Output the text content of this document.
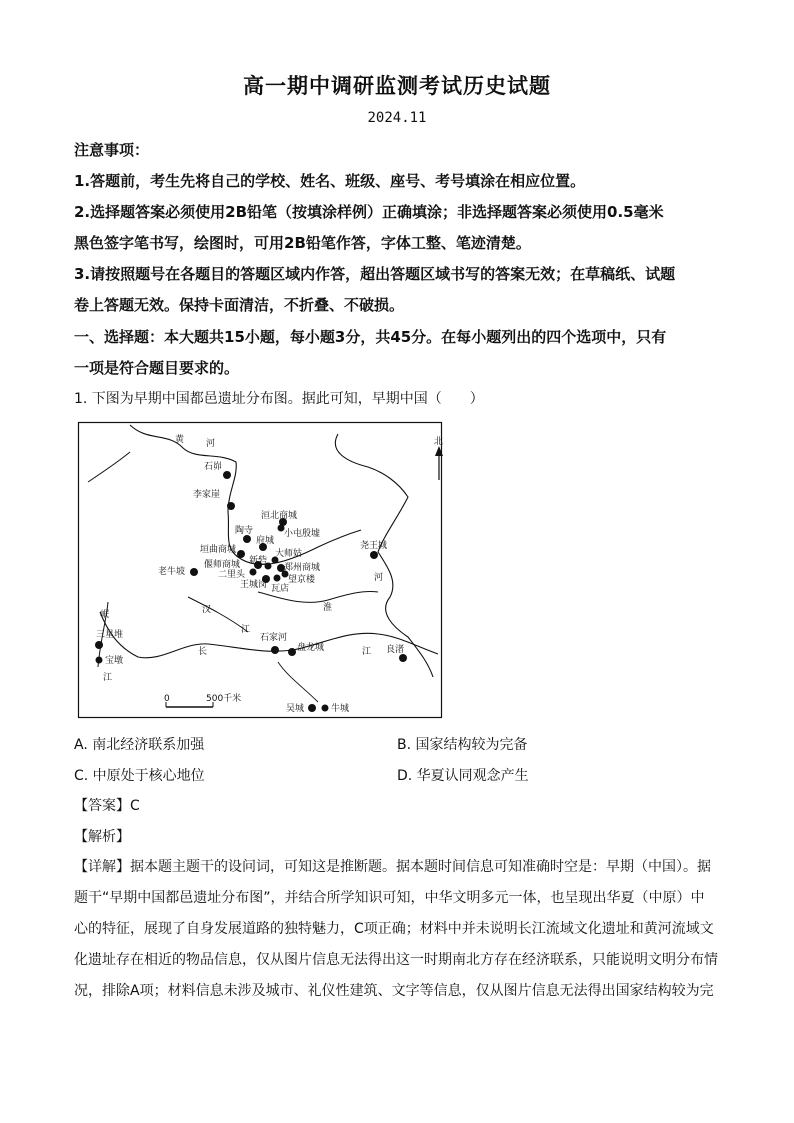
高一期中调研监测考试历史试题
2024.11
注意事项：
1.答题前，考生先将自己的学校、姓名、班级、座号、考号填涂在相应位置。
2.选择题答案必须使用2B铅笔（按填涂样例）正确填涂；非选择题答案必须使用0.5毫米
黑色签字笔书写，绘图时，可用2B铅笔作答，字体工整、笔迹清楚。
3.请按照题号在各题目的答题区域内作答，超出答题区域书写的答案无效；在草稿纸、试题
卷上答题无效。保持卡面清洁，不折叠、不破损。
一、选择题：本大题共15小题，每小题3分，共45分。在每小题列出的四个选项中，只有
一项是符合题目要求的。
1. 下图为早期中国都邑遗址分布图。据此可知，早期中国（　　）
北
0	500千米
黄 河
石峁
李家崖
洹北商城
小屯殷墟
陶寺
府城	尧王城
垣曲商城	大师姑
老牛坡
偃师商城 新砦
郑州商城
二里头	望京楼
王城岗 瓦店
河
岷	汉	淮
三星堆	江
石家河
盘龙城
宝墩
江
长	江 良渚
吴城	牛城
A. 南北经济联系加强	B. 国家结构较为完备
C. 中原处于核心地位	D. 华夏认同观念产生
【答案】C
【解析】
【详解】据本题主题干的设问词，可知这是推断题。据本题时间信息可知准确时空是：早期（中国）。据
题干“早期中国都邑遗址分布图”，并结合所学知识可知，中华文明多元一体，也呈现出华夏（中原）中
心的特征，展现了自身发展道路的独特魅力，C项正确；材料中并未说明长江流域文化遗址和黄河流域文
化遗址存在相近的物品信息，仅从图片信息无法得出这一时期南北方存在经济联系，只能说明文明分布情
况，排除A项；材料信息未涉及城市、礼仪性建筑、文字等信息，仅从图片信息无法得出国家结构较为完
